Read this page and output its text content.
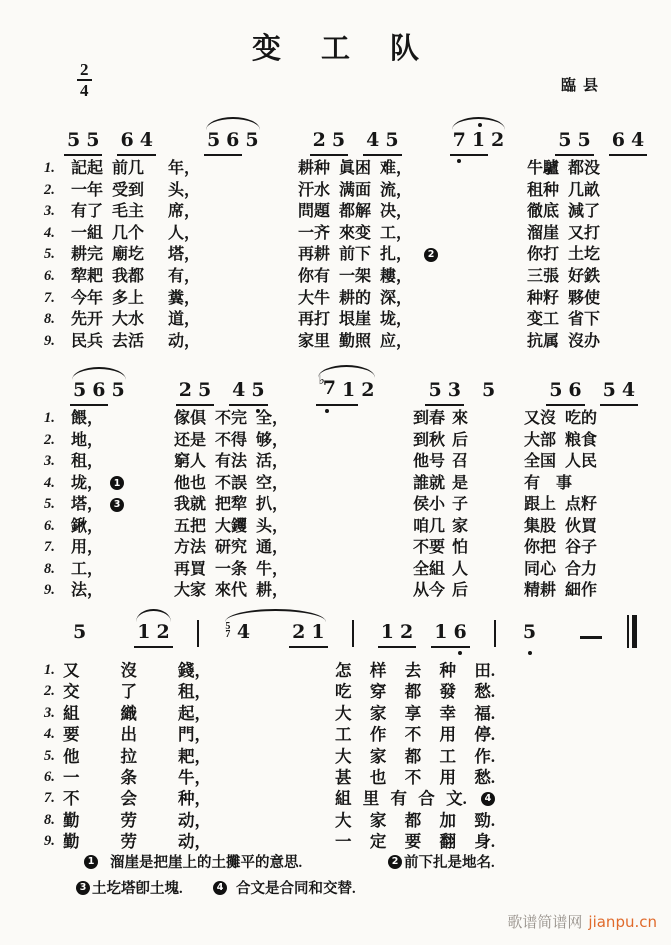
变工队
$\frac{2}{4}$	臨县
5 5 6 4	5 6 5	2 5 4 5	7 1 2	5 5 6 4
5 6 5	2 5 4 5	♭7 1 2	5 3 5	5 6 5 4
5	1 2	5
7 4 2 1	1 2 1 6	5
1.	記起 前几 年，	耕种 眞困 难，	牛驢 都没
2.	一年 受到 头，	汗水 满面 流，	租种 几畝
3.	有了 毛主 席，	問題 都解 决，	徹底 減了
4.	一組 几个 人，	一齐 來变 工，	溜崖 又打
5.	耕完 廟圪 塔，	再耕 前下 扎，	2	你打 土圪
6.	犂耙 我都 有，	你有 一架 耬，	三張 好鉄
7.	今年 多上 糞，	大牛 耕的 深，	种籽 夥使
8.	先开 大水 道，	再打 垠崖 垅，	变工 省下
9.	民兵 去活 动，	家里 勤照 应，	抗属 沒办
1.	餵，	傢倶 不完 全，	到春 來	又沒 吃的
2.	地，	还是 不得 够，	到秋 后	大部 粮食
3.	租，	窮人 有法 活，	他号 召	全国 人民
4.	垅，	1	他也 不誤 空，	誰就 是	有　事
5.	塔，	3	我就 把犂 扒，	侯小 子	跟上 点籽
6.	鍬，	五把 大钁 头，	咱几 家	集股 伙買
7.	用，	方法 研究 通，	不要 怕	你把 谷子
8.	工，	再買 一条 牛，	全組 人	同心 合力
9.	法，	大家 來代 耕，	从今 后	精耕 細作
1. 又 沒 錢，	怎 样 去 种 田.
2. 交 了 租，	吃 穿 都 發 愁.
3. 組 織 起，	大 家 享 幸 福.
4. 要 出 門，	工 作 不 用 停.
5. 他 拉 耙，	大 家 都 工 作.
6. 一 条 牛，	甚 也 不 用 愁.
7. 不 会 种，	組 里 有 合 文.	4
8. 勤 劳 动，	大 家 都 加 勁.
9. 勤 劳 动，	一 定 要 翻 身.
1 溜崖是把崖上的土攤平的意思.	2 前下扎是地名.
3 土圪塔卽土塊.	4 合文是合同和交替.
歌谱简谱网 jianpu.cn
